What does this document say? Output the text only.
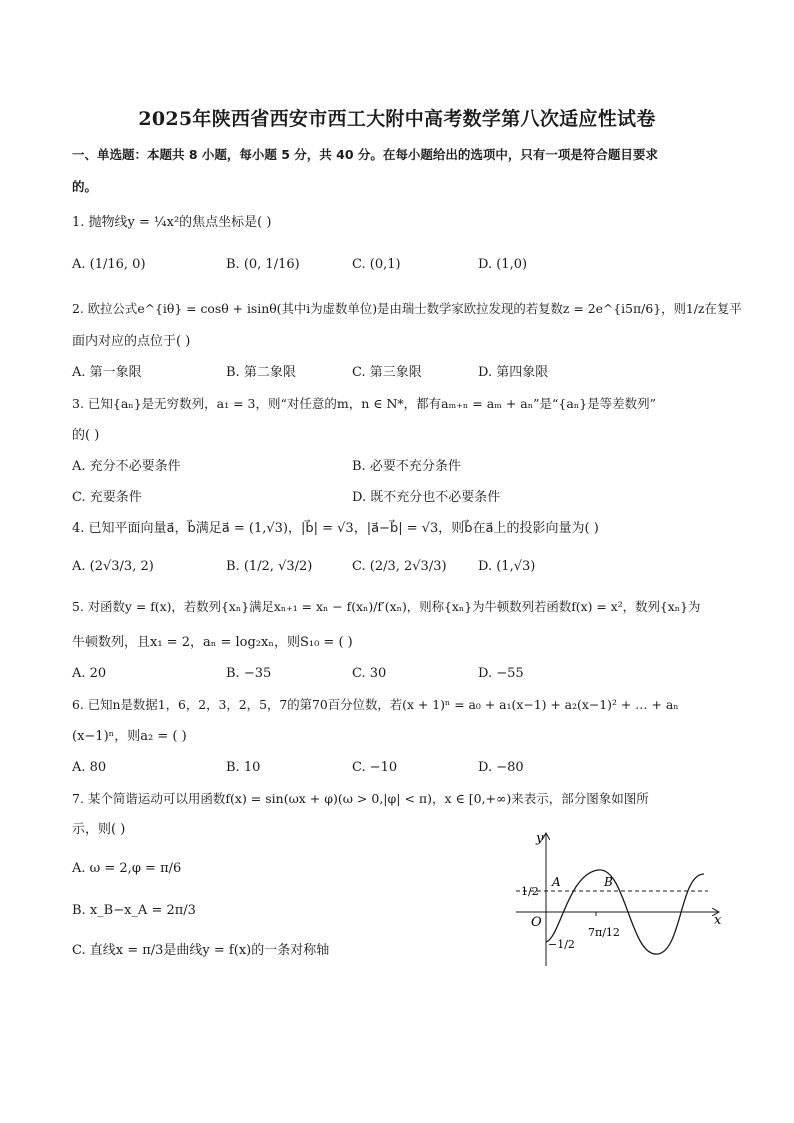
2025年陕西省西安市西工大附中高考数学第八次适应性试卷
一、单选题：本题共 8 小题，每小题 5 分，共 40 分。在每小题给出的选项中，只有一项是符合题目要求
的。
1. 抛物线y = ¼x²的焦点坐标是( )
A. (1/16, 0)	B. (0, 1/16)	C. (0,1)	D. (1,0)
2. 欧拉公式e^{iθ} = cosθ + isinθ(其中i为虚数单位)是由瑞士数学家欧拉发现的若复数z = 2e^{i5π/6}，则1/z在复平
面内对应的点位于( )
A. 第一象限	B. 第二象限	C. 第三象限	D. 第四象限
3. 已知{aₙ}是无穷数列，a₁ = 3，则“对任意的m，n ∈ N*，都有aₘ₊ₙ = aₘ + aₙ”是“{aₙ}是等差数列”
的( )
A. 充分不必要条件	B. 必要不充分条件
C. 充要条件	D. 既不充分也不必要条件
4. 已知平面向量a⃗，b⃗满足a⃗ = (1,√3)，|b⃗| = √3，|a⃗−b⃗| = √3，则b⃗在a⃗上的投影向量为( )
A. (2√3/3, 2)	B. (1/2, √3/2)	C. (2/3, 2√3/3) D. (1,√3)
5. 对函数y = f(x)，若数列{xₙ}满足xₙ₊₁ = xₙ − f(xₙ)/f′(xₙ)，则称{xₙ}为牛顿数列若函数f(x) = x²，数列{xₙ}为
牛顿数列，且x₁ = 2，aₙ = log₂xₙ，则S₁₀ = ( )
A. 20	B. −35	C. 30	D. −55
6. 已知n是数据1，6，2，3，2，5，7的第70百分位数，若(x + 1)ⁿ = a₀ + a₁(x−1) + a₂(x−1)² + … + aₙ
(x−1)ⁿ，则a₂ = ( )
A. 80	B. 10	C. −10	D. −80
7. 某个简谐运动可以用函数f(x) = sin(ωx + φ)(ω > 0,|φ| < π)，x ∈ [0,+∞)来表示，部分图象如图所
示，则( )
A. ω = 2,φ = π/6
B. x_B−x_A = 2π/3
C. 直线x = π/3是曲线y = f(x)的一条对称轴
x
y
O
A	B
1/2
−1/2
7π/12
